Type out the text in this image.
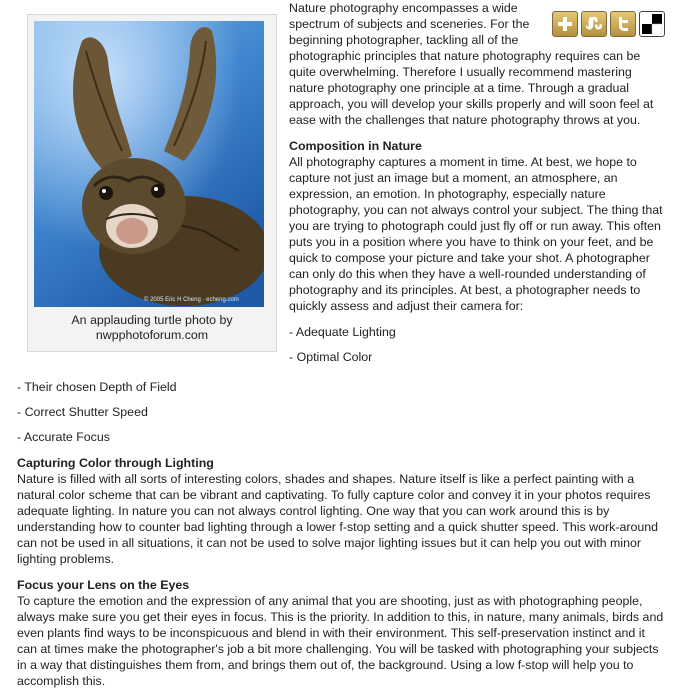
© 2005 Eric H Cheng · echeng.com
An applauding turtle photo by nwpphotoforum.com

Nature photography encompasses a wide spectrum of subjects and sceneries. For the beginning photographer, tackling all of the photographic principles that nature photography requires can be quite overwhelming. Therefore I usually recommend mastering nature photography one principle at a time. Through a gradual approach, you will develop your skills properly and will soon feel at ease with the challenges that nature photography throws at you.

Composition in Nature

All photography captures a moment in time. At best, we hope to capture not just an image but a moment, an atmosphere, an expression, an emotion. In photography, especially nature photography, you can not always control your subject. The thing that you are trying to photograph could just fly off or run away. This often puts you in a position where you have to think on your feet, and be quick to compose your picture and take your shot. A photographer can only do this when they have a well-rounded understanding of photography and its principles. At best, a photographer needs to quickly assess and adjust their camera for:

- Adequate Lighting

- Optimal Color

- Their chosen Depth of Field

- Correct Shutter Speed

- Accurate Focus

Capturing Color through Lighting

Nature is filled with all sorts of interesting colors, shades and shapes. Nature itself is like a perfect painting with a natural color scheme that can be vibrant and captivating. To fully capture color and convey it in your photos requires adequate lighting. In nature you can not always control lighting. One way that you can work around this is by understanding how to counter bad lighting through a lower f-stop setting and a quick shutter speed. This work-around can not be used in all situations, it can not be used to solve major lighting issues but it can help you out with minor lighting problems.

Focus your Lens on the Eyes

To capture the emotion and the expression of any animal that you are shooting, just as with photographing people, always make sure you get their eyes in focus. This is the priority. In addition to this, in nature, many animals, birds and even plants find ways to be inconspicuous and blend in with their environment. This self-preservation instinct and it can at times make the photographer's job a bit more challenging. You will be tasked with photographing your subjects in a way that distinguishes them from, and brings them out of, the background. Using a low f-stop will help you to accomplish this.
